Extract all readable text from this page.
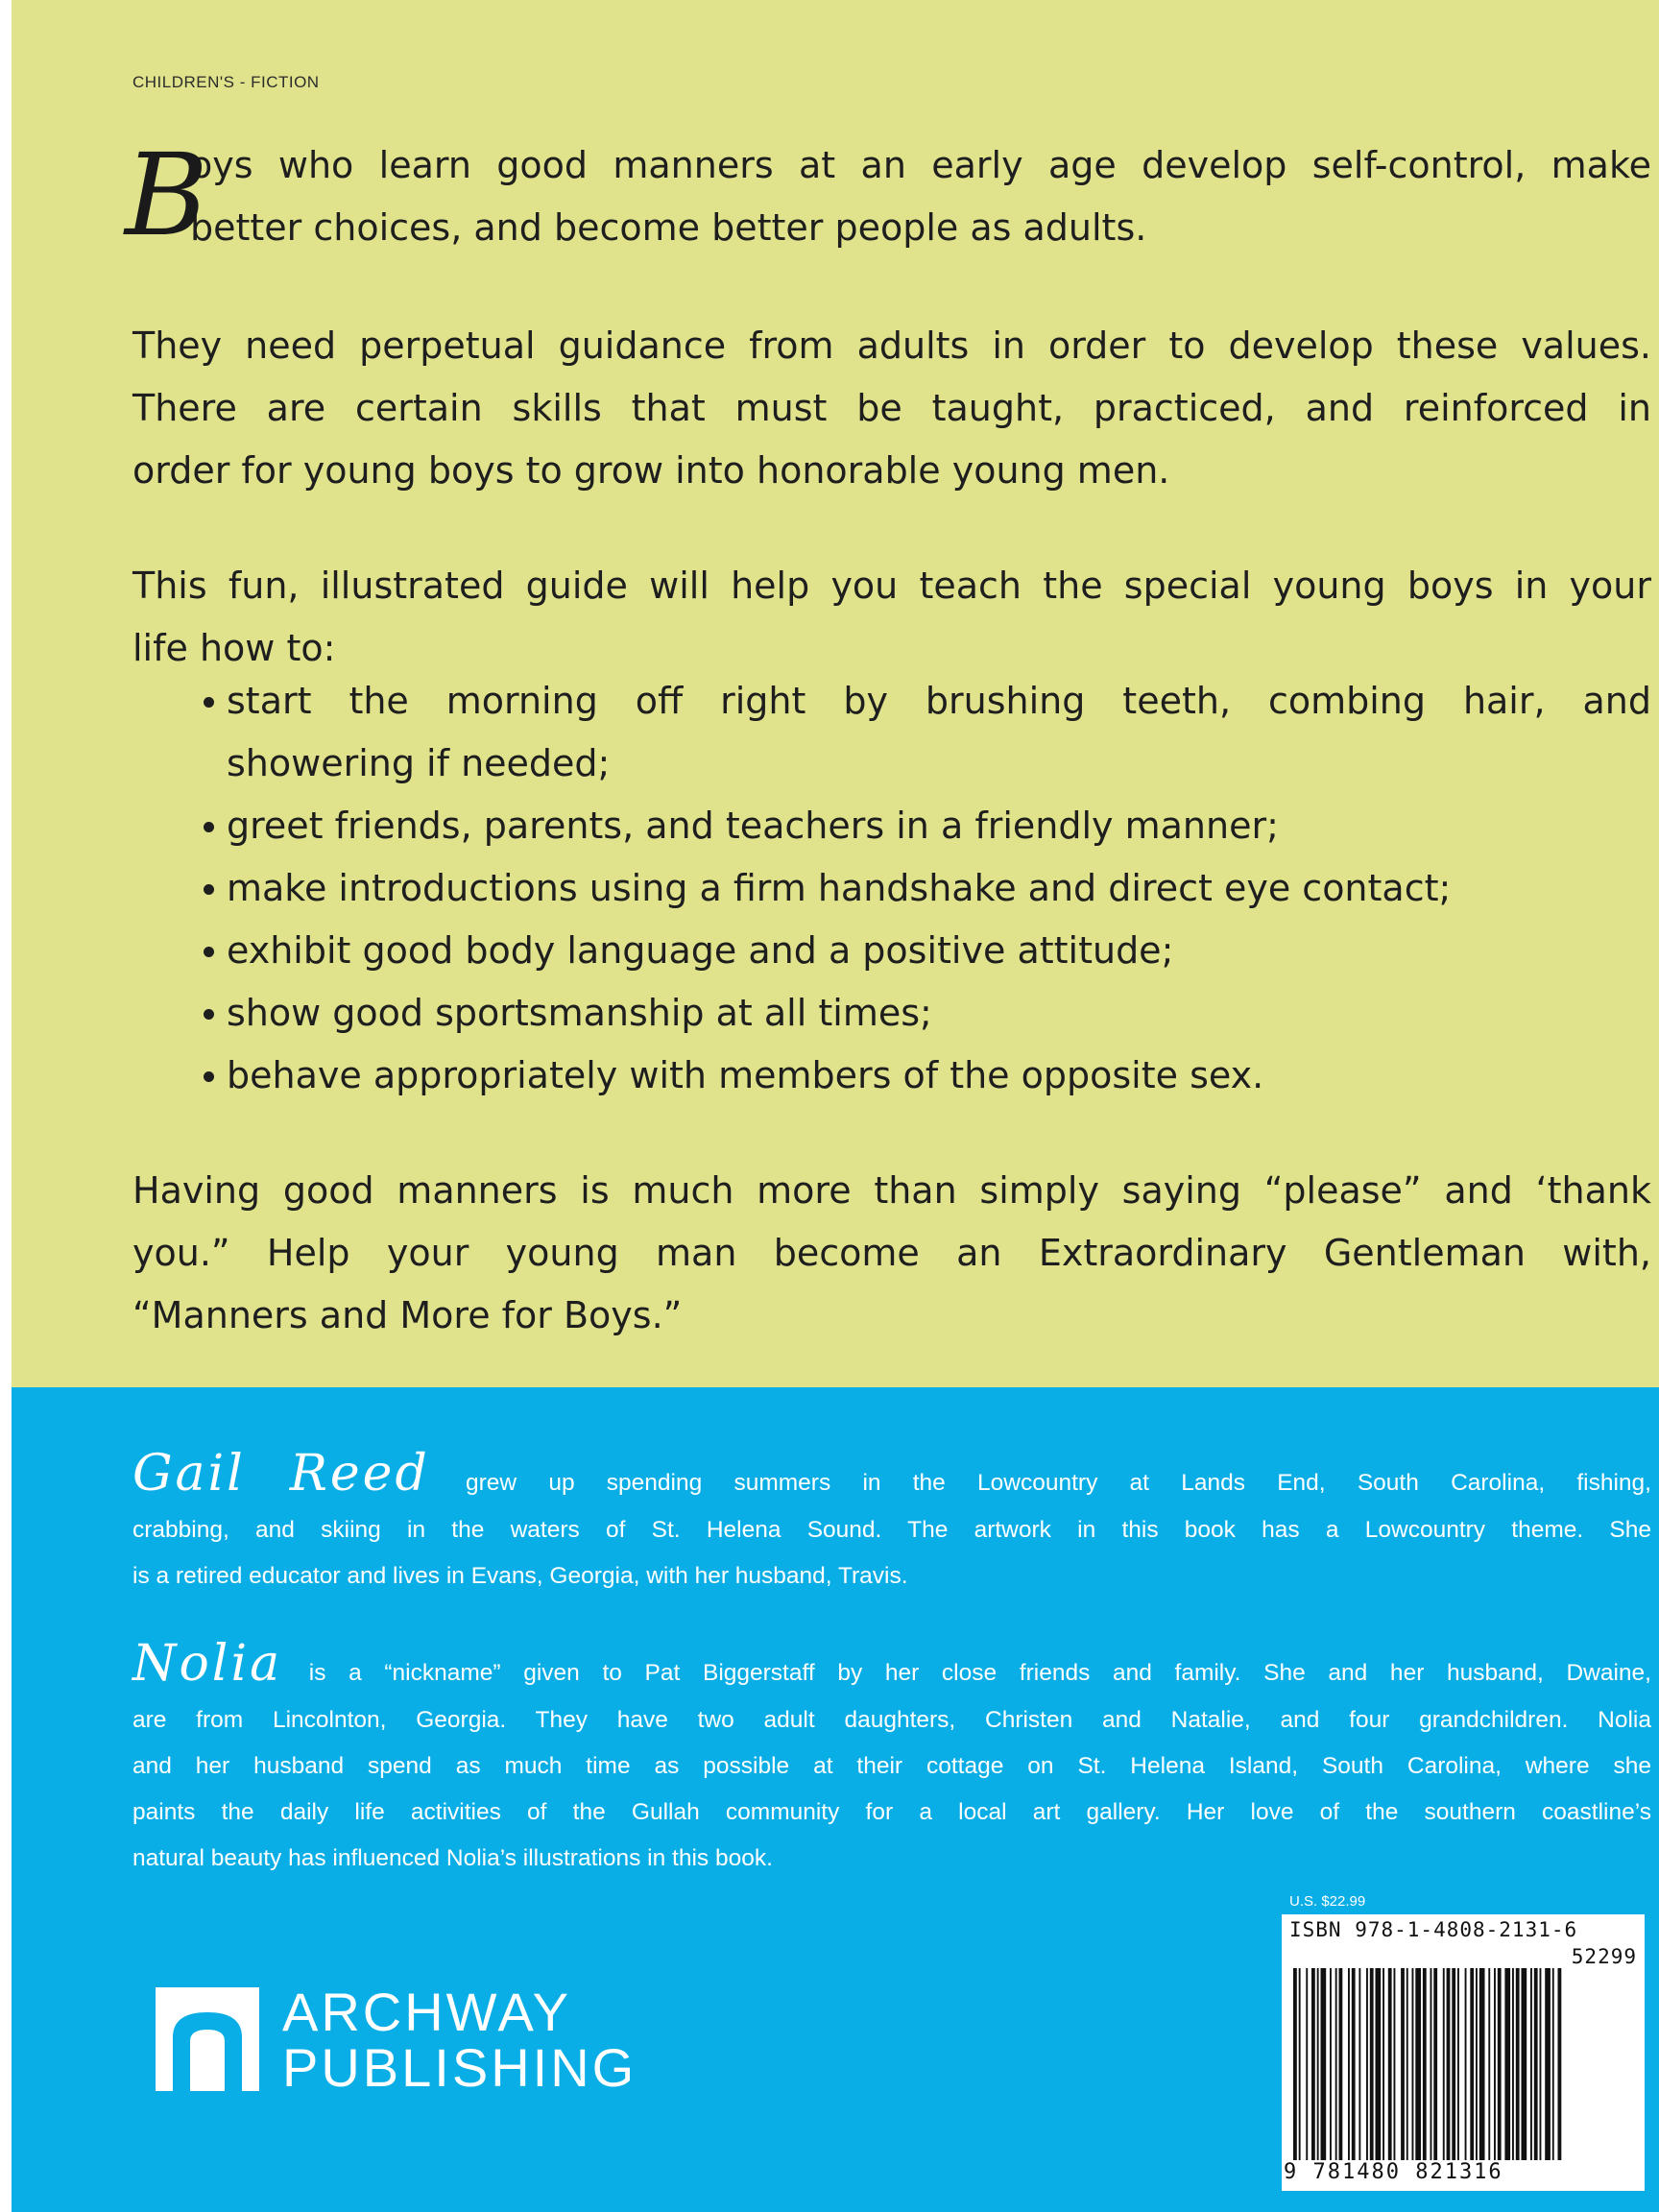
CHILDREN'S - FICTION
B
oys who learn good manners at an early age develop self-control, make
better choices, and become better people as adults.
They need perpetual guidance from adults in order to develop these values.
There are certain skills that must be taught, practiced, and reinforced in
order for young boys to grow into honorable young men.
This fun, illustrated guide will help you teach the special young boys in your
life how to:
start the morning off right by brushing teeth, combing hair, and
showering if needed;
greet friends, parents, and teachers in a friendly manner;
make introductions using a firm handshake and direct eye contact;
exhibit good body language and a positive attitude;
show good sportsmanship at all times;
behave appropriately with members of the opposite sex.
Having good manners is much more than simply saying “please” and ‘thank
you.” Help your young man become an Extraordinary Gentleman with,
“Manners and More for Boys.”
Gail Reed grew up spending summers in the Lowcountry at Lands End, South Carolina, fishing,
crabbing, and skiing in the waters of St. Helena Sound. The artwork in this book has a Lowcountry theme. She
is a retired educator and lives in Evans, Georgia, with her husband, Travis.
Nolia is a “nickname” given to Pat Biggerstaff by her close friends and family. She and her husband, Dwaine,
are from Lincolnton, Georgia. They have two adult daughters, Christen and Natalie, and four grandchildren. Nolia
and her husband spend as much time as possible at their cottage on St. Helena Island, South Carolina, where she
paints the daily life activities of the Gullah community for a local art gallery. Her love of the southern coastline’s
natural beauty has influenced Nolia’s illustrations in this book.
ARCHWAY
PUBLISHING
U.S. $22.99
ISBN 978-1-4808-2131-6
52299
9 781480 821316
